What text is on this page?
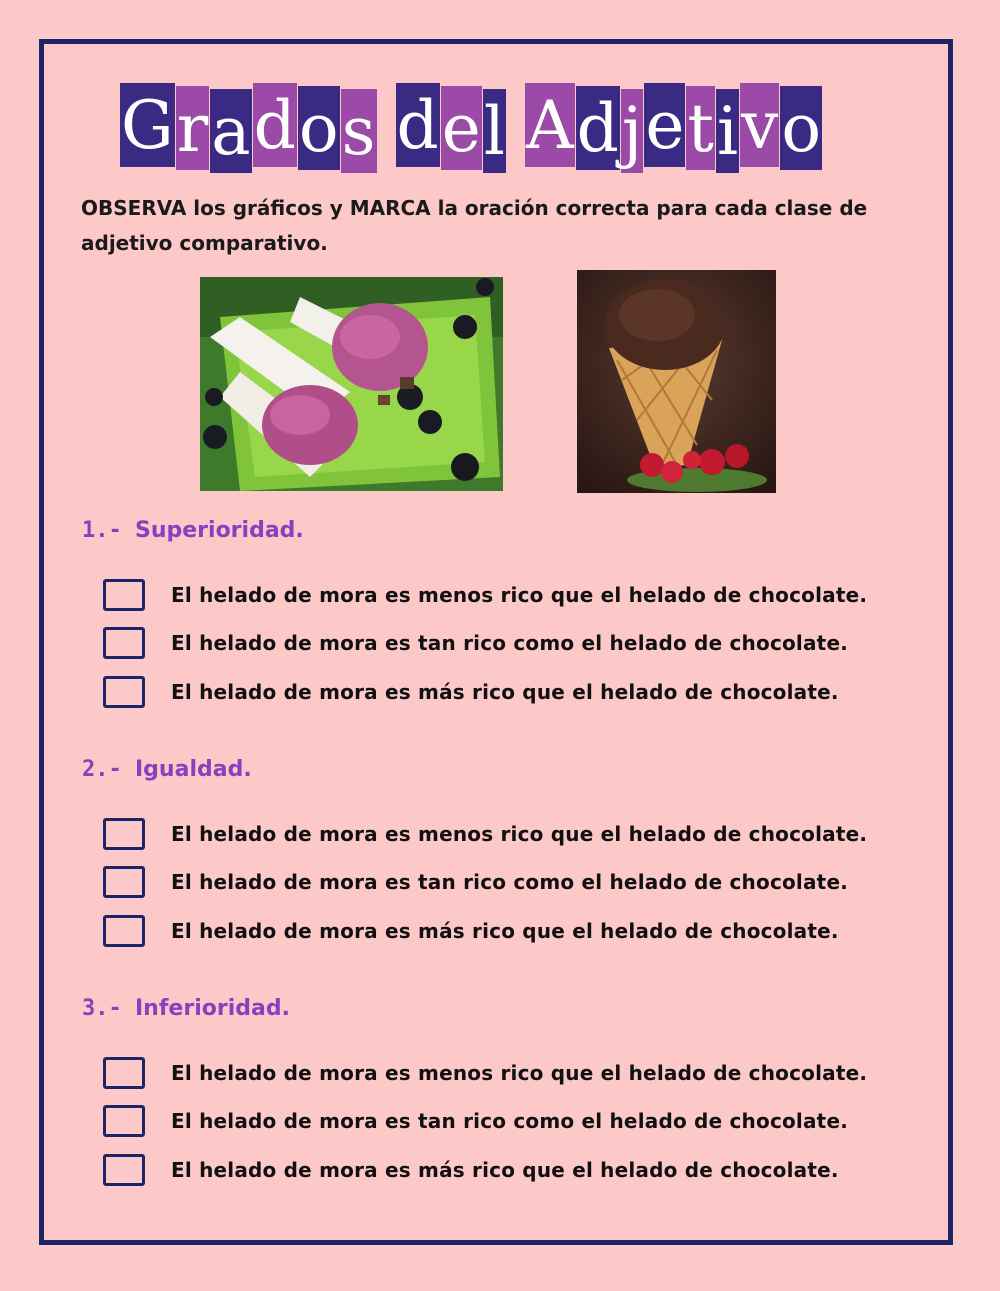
G r a d o s d e l A d j e t i v o
OBSERVA los gráficos y MARCA la oración correcta para cada clase de adjetivo comparativo.
1.- Superioridad.
El helado de mora es menos rico que el helado de chocolate.
El helado de mora es tan rico como el helado de chocolate.
El helado de mora es más rico que el helado de chocolate.
2.- Igualdad.
El helado de mora es menos rico que el helado de chocolate.
El helado de mora es tan rico como el helado de chocolate.
El helado de mora es más rico que el helado de chocolate.
3.- Inferioridad.
El helado de mora es menos rico que el helado de chocolate.
El helado de mora es tan rico como el helado de chocolate.
El helado de mora es más rico que el helado de chocolate.
